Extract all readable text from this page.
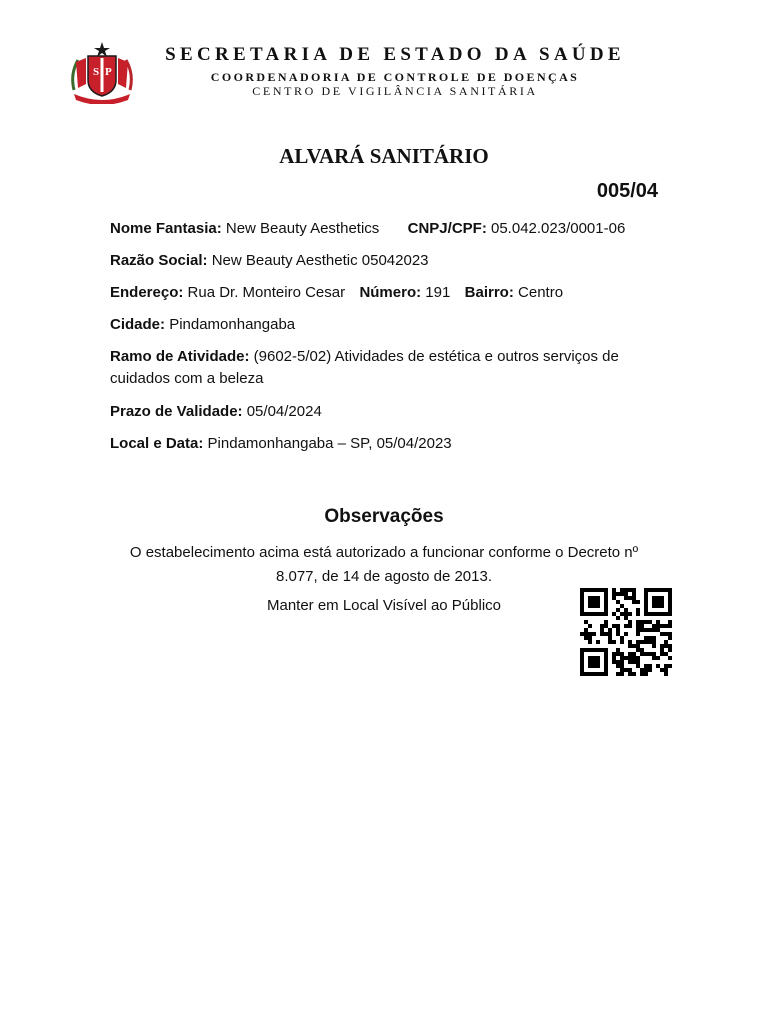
S P
SECRETARIA DE ESTADO DA SAÚDE
COORDENADORIA DE CONTROLE DE DOENÇAS
CENTRO DE VIGILÂNCIA SANITÁRIA
ALVARÁ SANITÁRIO
005/04
Nome Fantasia: New Beauty Aesthetics CNPJ/CPF: 05.042.023/0001-06
Razão Social: New Beauty Aesthetic 05042023
Endereço: Rua Dr. Monteiro Cesar Número: 191 Bairro: Centro
Cidade: Pindamonhangaba
Ramo de Atividade: (9602-5/02) Atividades de estética e outros serviços de cuidados com a beleza
Prazo de Validade: 05/04/2024
Local e Data: Pindamonhangaba – SP, 05/04/2023
Observações
O estabelecimento acima está autorizado a funcionar conforme o Decreto nº 8.077, de 14 de agosto de 2013.
Manter em Local Visível ao Público
